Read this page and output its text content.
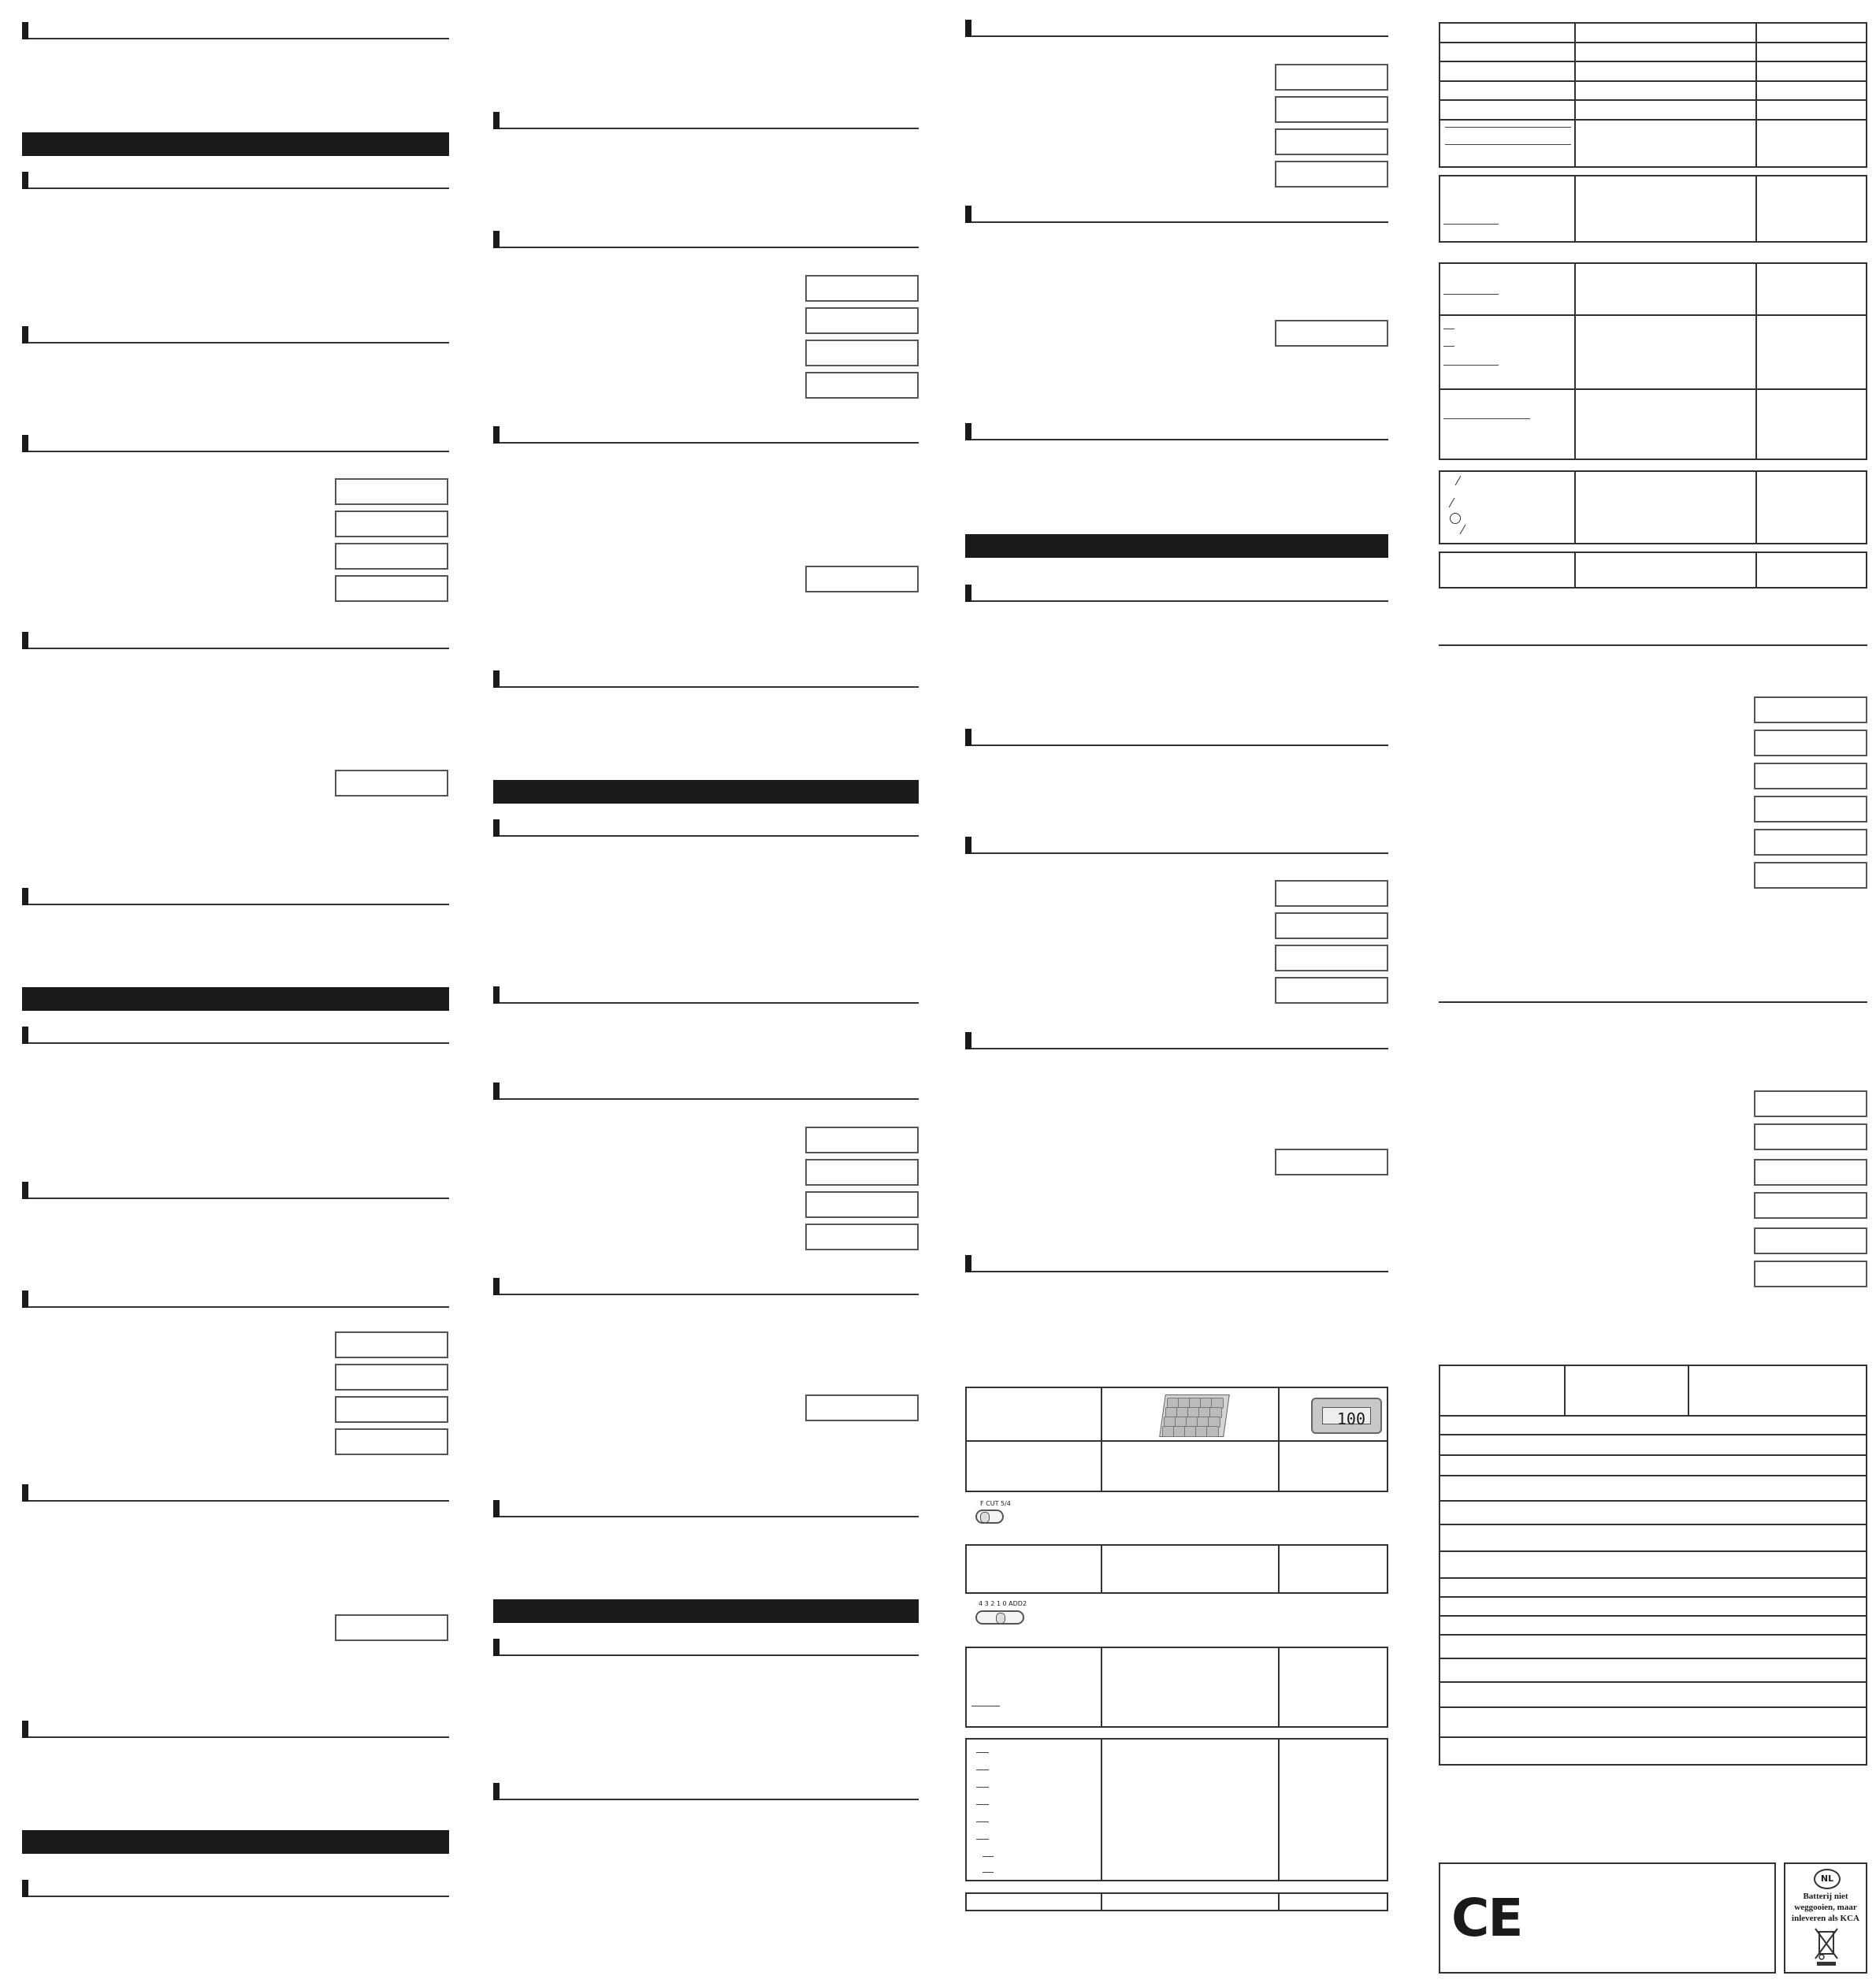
100
F CUT 5/4
4 3 2 1 0 ADD2
CE
NL
Batterij niet weggooien, maar inleveren als KCA
